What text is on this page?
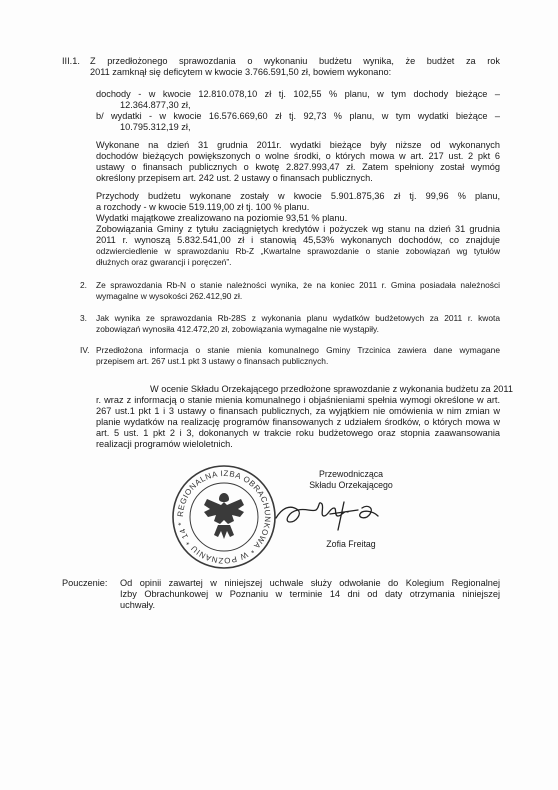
III.1. Z przedłożonego sprawozdania o wykonaniu budżetu wynika, że budżet za rok
2011 zamknął się deficytem w kwocie 3.766.591,50 zł, bowiem wykonano:
dochody - w kwocie 12.810.078,10 zł tj. 102,55 % planu, w tym dochody bieżące –
12.364.877,30 zł,
b/ wydatki - w kwocie 16.576.669,60 zł tj. 92,73 % planu, w tym wydatki bieżące –
10.795.312,19 zł,
Wykonane na dzień 31 grudnia 2011r. wydatki bieżące były niższe od wykonanych
dochodów bieżących powiększonych o wolne środki, o których mowa w art. 217 ust. 2 pkt 6
ustawy o finansach publicznych o kwotę 2.827.993,47 zł. Zatem spełniony został wymóg
określony przepisem art. 242 ust. 2 ustawy o finansach publicznych.
Przychody budżetu wykonane zostały w kwocie 5.901.875,36 zł tj. 99,96 % planu,
a rozchody - w kwocie 519.119,00 zł tj. 100 % planu.
Wydatki majątkowe zrealizowano na poziomie 93,51 % planu.
Zobowiązania Gminy z tytułu zaciągniętych kredytów i pożyczek wg stanu na dzień 31 grudnia
2011 r. wynoszą 5.832.541,00 zł i stanowią 45,53% wykonanych dochodów, co znajduje
odzwierciedlenie w sprawozdaniu Rb-Z „Kwartalne sprawozdanie o stanie zobowiązań wg tytułów
dłużnych oraz gwarancji i poręczeń”.
2. Ze sprawozdania Rb-N o stanie należności wynika, że na koniec 2011 r. Gmina posiadała należności
wymagalne w wysokości 262.412,90 zł.
3. Jak wynika ze sprawozdania Rb-28S z wykonania planu wydatków budżetowych za 2011 r. kwota
zobowiązań wynosiła 412.472,20 zł, zobowiązania wymagalne nie wystąpiły.
IV. Przedłożona informacja o stanie mienia komunalnego Gminy Trzcinica zawiera dane wymagane
przepisem art. 267 ust.1 pkt 3 ustawy o finansach publicznych.
W ocenie Składu Orzekającego przedłożone sprawozdanie z wykonania budżetu za 2011
r. wraz z informacją o stanie mienia komunalnego i objaśnieniami spełnia wymogi określone w art.
267 ust.1 pkt 1 i 3 ustawy o finansach publicznych, za wyjątkiem nie omówienia w nim zmian w
planie wydatków na realizację programów finansowanych z udziałem środków, o których mowa w
art. 5 ust. 1 pkt 2 i 3, dokonanych w trakcie roku budżetowego oraz stopnia zaawansowania
realizacji programów wieloletnich.
REGIONALNA IZBA OBRACHUNKOWA * W POZNANIU * 14 *
Przewodnicząca
Składu Orzekającego
Zofia Freitag
Pouczenie: Od opinii zawartej w niniejszej uchwale służy odwołanie do Kolegium Regionalnej
Izby Obrachunkowej w Poznaniu w terminie 14 dni od daty otrzymania niniejszej
uchwały.
